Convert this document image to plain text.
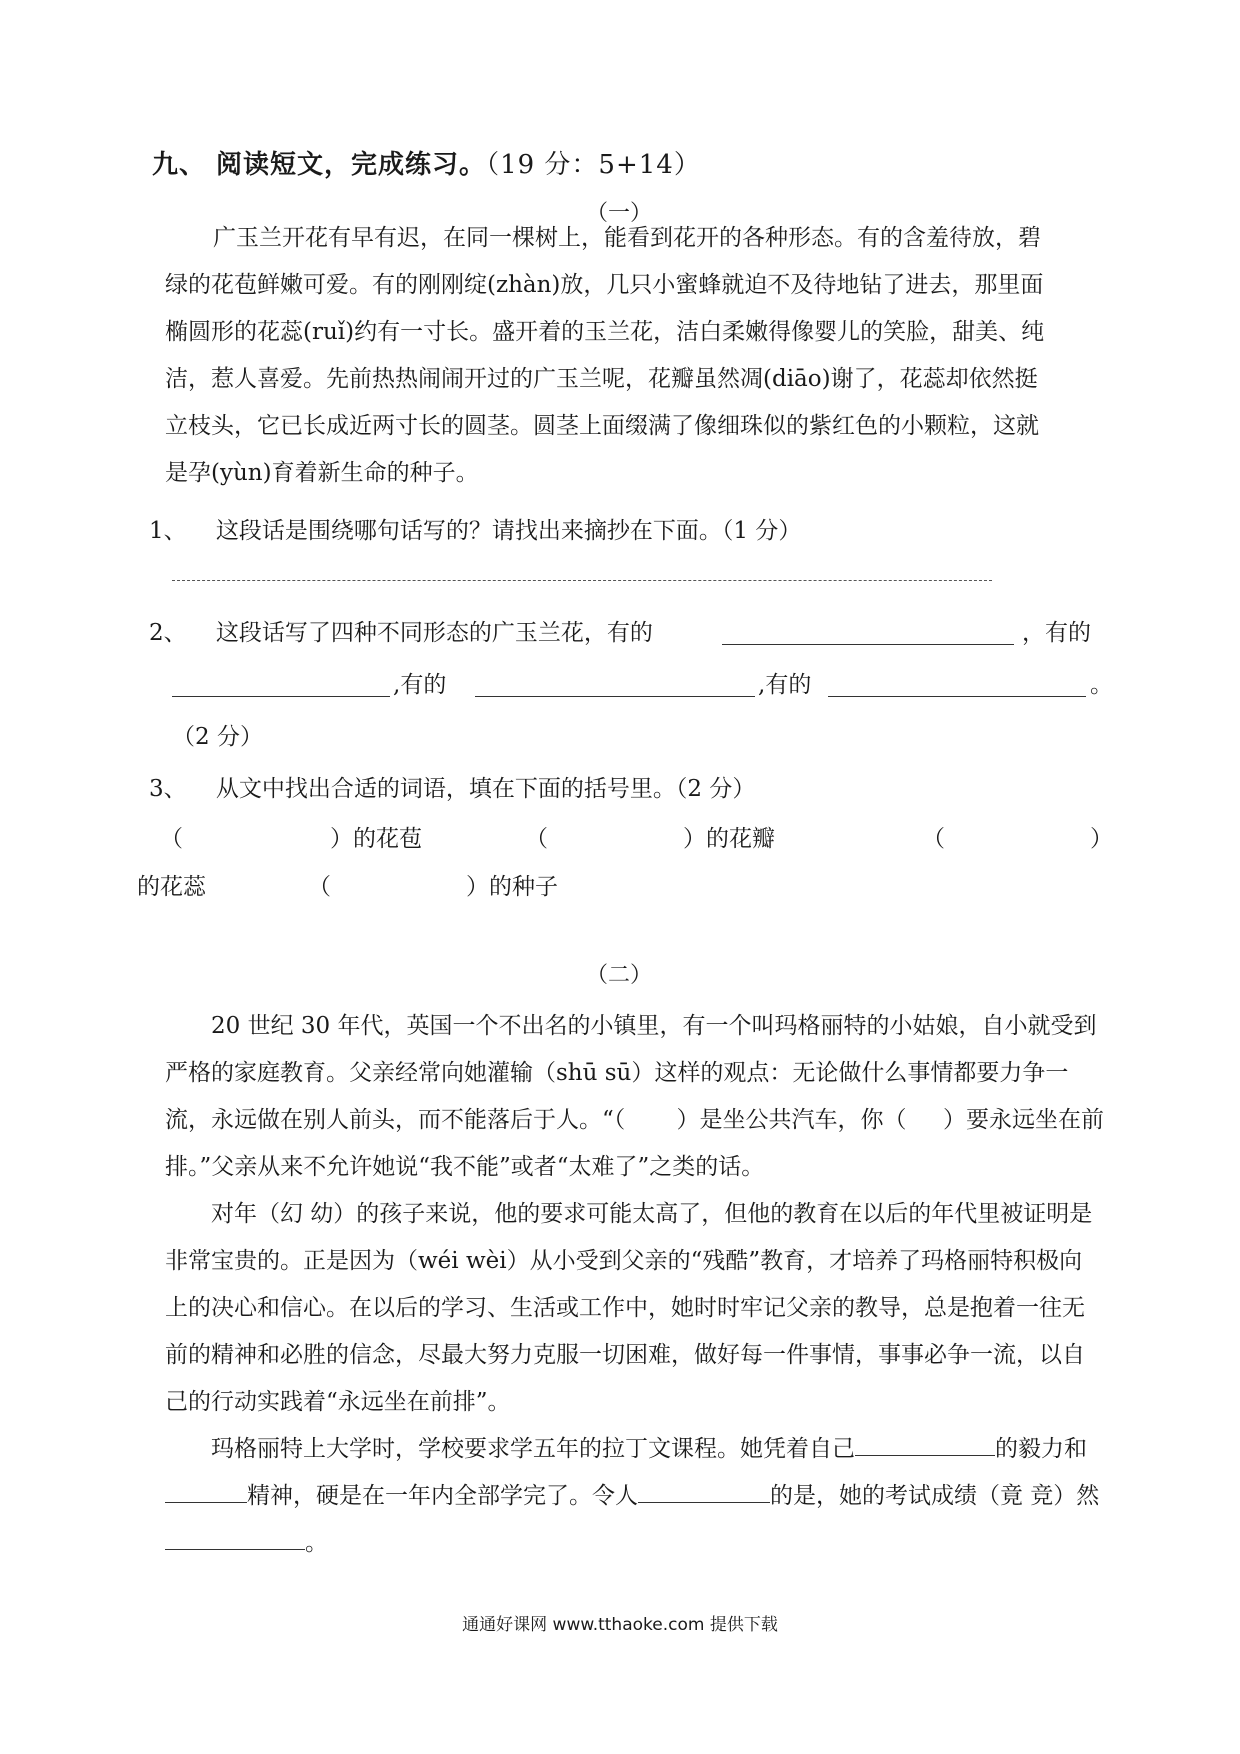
九、 阅读短文，完成练习。（19 分：5+14）
（一）
广玉兰开花有早有迟，在同一棵树上，能看到花开的各种形态。有的含羞待放，碧
绿的花苞鲜嫩可爱。有的刚刚绽(zhàn)放，几只小蜜蜂就迫不及待地钻了进去，那里面
椭圆形的花蕊(ruǐ)约有一寸长。盛开着的玉兰花，洁白柔嫩得像婴儿的笑脸，甜美、纯
洁，惹人喜爱。先前热热闹闹开过的广玉兰呢，花瓣虽然凋(diāo)谢了，花蕊却依然挺
立枝头，它已长成近两寸长的圆茎。圆茎上面缀满了像细珠似的紫红色的小颗粒，这就
是孕(yùn)育着新生命的种子。
1、 这段话是围绕哪句话写的？请找出来摘抄在下面。（1 分）
2、 这段话写了四种不同形态的广玉兰花，有的	，有的
,有的	,有的	。
（2 分）
3、 从文中找出合适的词语，填在下面的括号里。（2 分）
（	）的花苞	（	）的花瓣	（	）
的花蕊	（	）的种子
（二）
20 世纪 30 年代，英国一个不出名的小镇里，有一个叫玛格丽特的小姑娘，自小就受到严格的家庭教育。父亲经常向她灌输（shū sū）这样的观点：无论做什么事情都要力争一流，永远做在别人前头，而不能落后于人。“（ ）是坐公共汽车，你（ ）要永远坐在前排。”父亲从来不允许她说“我不能”或者“太难了”之类的话。
对年（幻 幼）的孩子来说，他的要求可能太高了，但他的教育在以后的年代里被证明是非常宝贵的。正是因为（wéi wèi）从小受到父亲的“残酷”教育，才培养了玛格丽特积极向上的决心和信心。在以后的学习、生活或工作中，她时时牢记父亲的教导，总是抱着一往无前的精神和必胜的信念，尽最大努力克服一切困难，做好每一件事情，事事必争一流，以自己的行动实践着“永远坐在前排”。
玛格丽特上大学时，学校要求学五年的拉丁文课程。她凭着自己	的毅力和精神，硬是在一年内全部学完了。令人	的是，她的考试成绩（竟 竞）然。
通通好课网 www.tthaoke.com 提供下载
